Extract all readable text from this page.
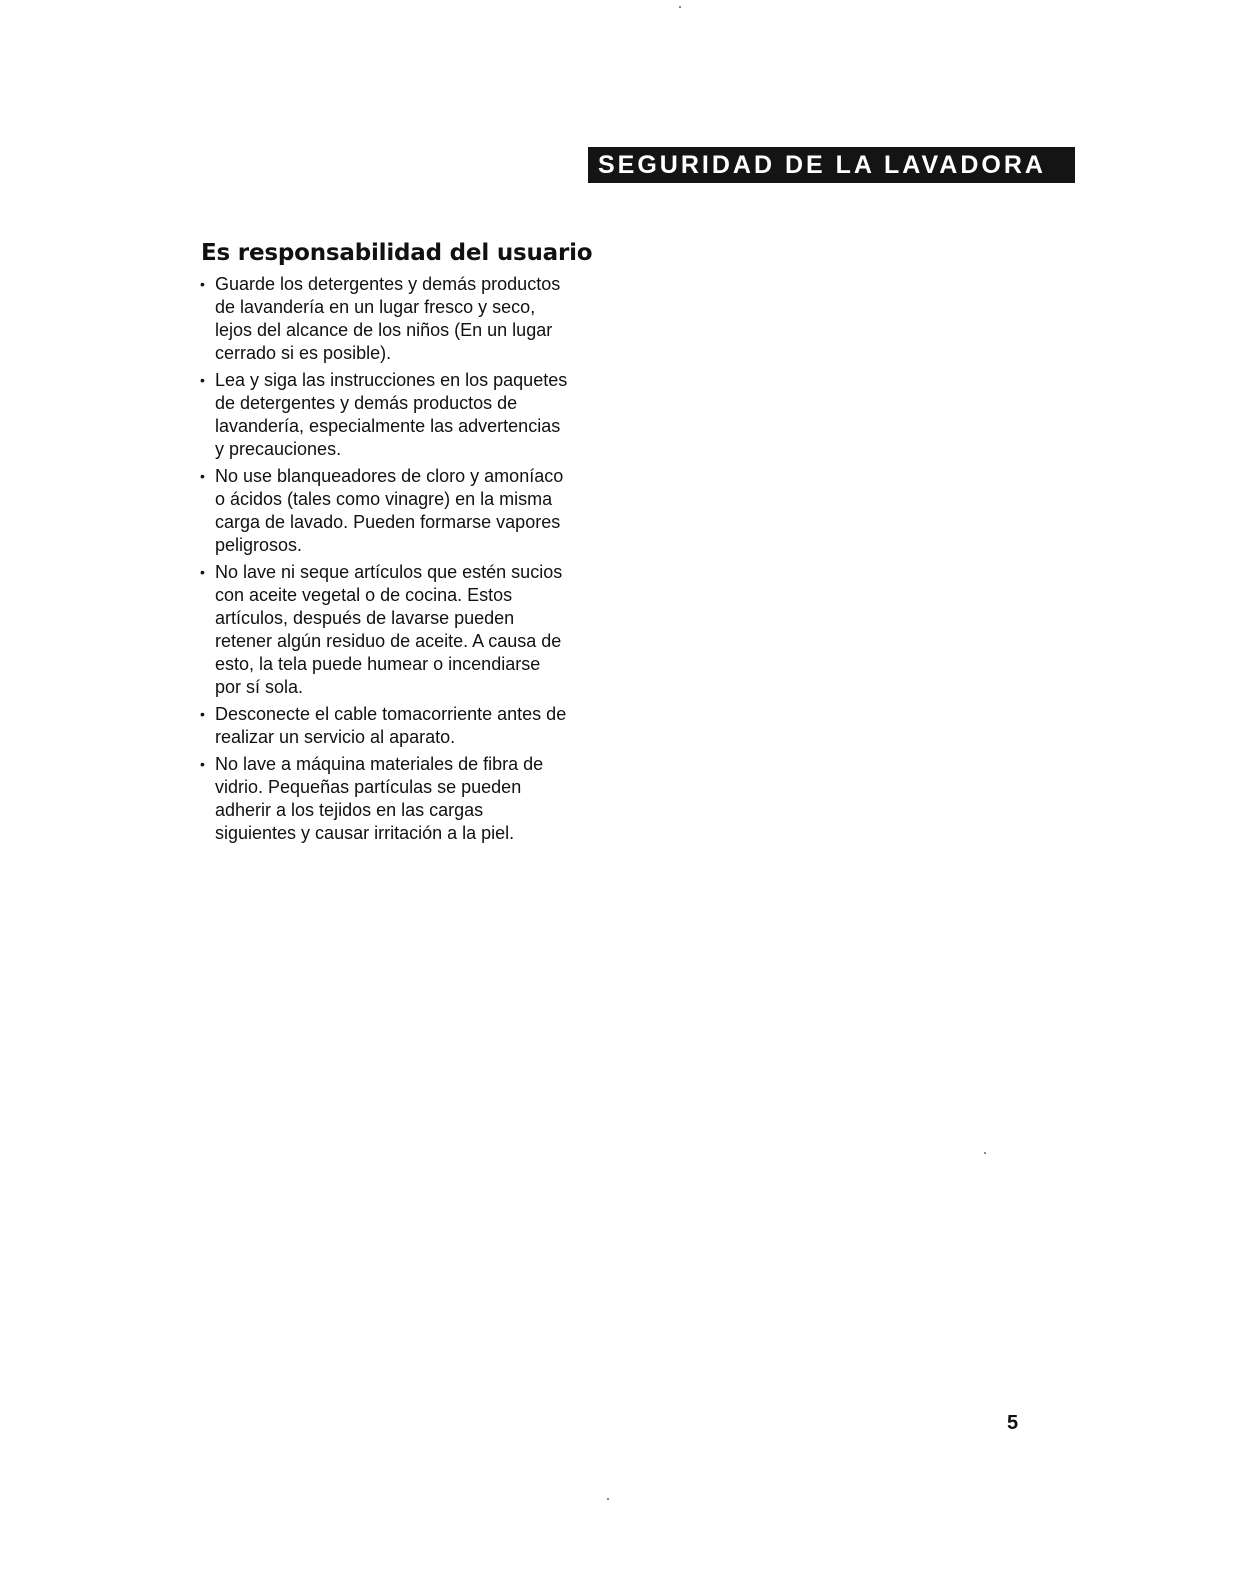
SEGURIDAD DE LA LAVADORA
Es responsabilidad del usuario
• Guarde los detergentes y demás productos
de lavandería en un lugar fresco y seco,
lejos del alcance de los niños (En un lugar
cerrado si es posible).

• Lea y siga las instrucciones en los paquetes
de detergentes y demás productos de
lavandería, especialmente las advertencias
y precauciones.

• No use blanqueadores de cloro y amoníaco
o ácidos (tales como vinagre) en la misma
carga de lavado. Pueden formarse vapores
peligrosos.

• No lave ni seque artículos que estén sucios
con aceite vegetal o de cocina. Estos
artículos, después de lavarse pueden
retener algún residuo de aceite. A causa de
esto, la tela puede humear o incendiarse
por sí sola.

• Desconecte el cable tomacorriente antes de
realizar un servicio al aparato.

• No lave a máquina materiales de fibra de
vidrio. Pequeñas partículas se pueden
adherir a los tejidos en las cargas
siguientes y causar irritación a la piel.

5
